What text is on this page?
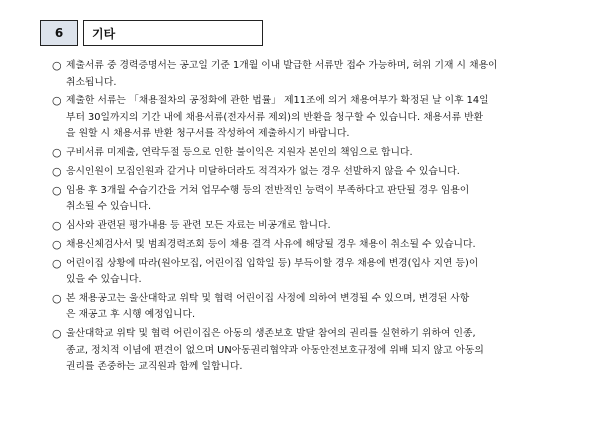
6	기타
○ 제출서류 중 경력증명서는 공고일 기준 1개월 이내 발급한 서류만 접수 가능하며, 허위 기재 시 채용이
취소됩니다.
○ 제출한 서류는 「채용절차의 공정화에 관한 법률」 제11조에 의거 채용여부가 확정된 날 이후 14일
부터 30일까지의 기간 내에 채용서류(전자서류 제외)의 반환을 청구할 수 있습니다. 채용서류 반환
을 원할 시 채용서류 반환 청구서를 작성하여 제출하시기 바랍니다.
○ 구비서류 미제출, 연락두절 등으로 인한 불이익은 지원자 본인의 책임으로 합니다.
○ 응시인원이 모집인원과 같거나 미달하더라도 적격자가 없는 경우 선발하지 않을 수 있습니다.
○ 임용 후 3개월 수습기간을 거쳐 업무수행 등의 전반적인 능력이 부족하다고 판단될 경우 임용이
취소될 수 있습니다.
○ 심사와 관련된 평가내용 등 관련 모든 자료는 비공개로 합니다.
○ 채용신체검사서 및 범죄경력조회 등이 채용 결격 사유에 해당될 경우 채용이 취소될 수 있습니다.
○ 어린이집 상황에 따라(원아모집, 어린이집 입학일 등) 부득이할 경우 채용에 변경(입사 지연 등)이
있을 수 있습니다.
○ 본 채용공고는 울산대학교 위탁 및 협력 어린이집 사정에 의하여 변경될 수 있으며, 변경된 사항
은 재공고 후 시행 예정입니다.
○ 울산대학교 위탁 및 협력 어린이집은 아동의 생존보호 발달 참여의 권리를 실현하기 위하여 인종,
종교, 정치적 이념에 편견이 없으며 UN아동권리협약과 아동안전보호규정에 위배 되지 않고 아동의
권리를 존중하는 교직원과 함께 일합니다.
